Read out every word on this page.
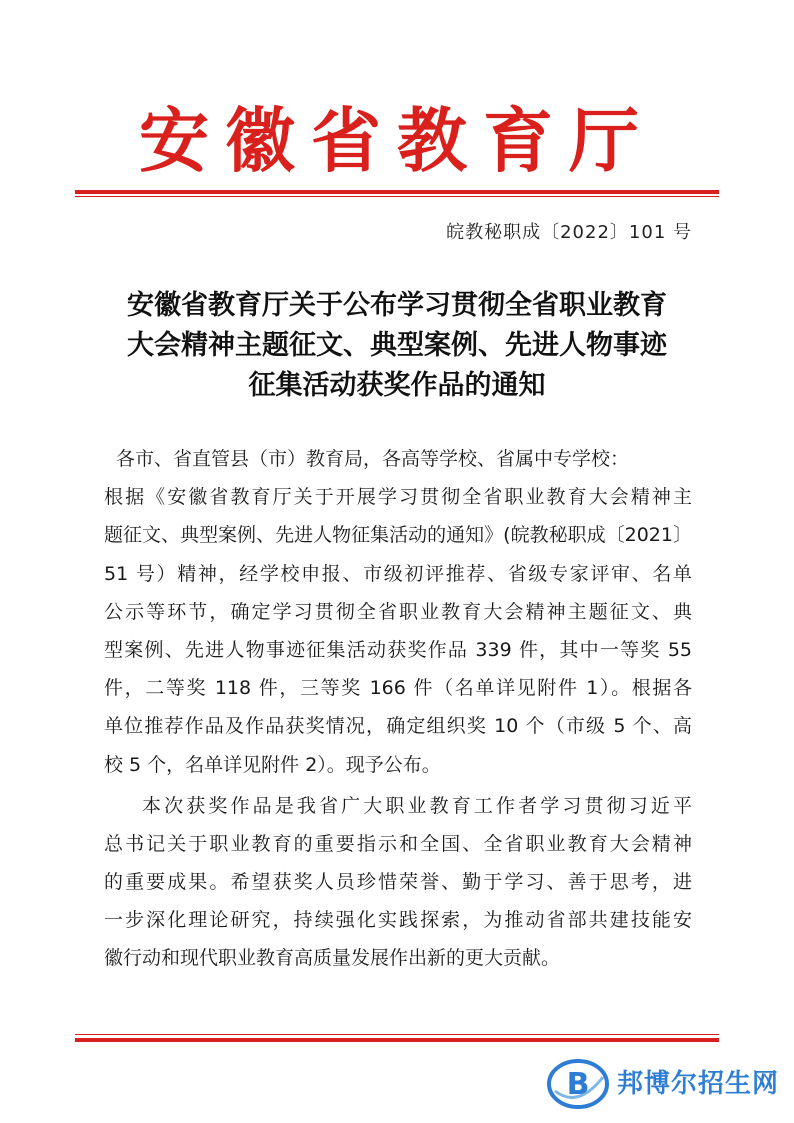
安徽省教育厅
皖教秘职成〔2022〕101 号
安徽省教育厅关于公布学习贯彻全省职业教育
大会精神主题征文、典型案例、先进人物事迹
征集活动获奖作品的通知
各市、省直管县（市）教育局，各高等学校、省属中专学校：
根据《安徽省教育厅关于开展学习贯彻全省职业教育大会精神主
题征文、典型案例、先进人物征集活动的通知》(皖教秘职成〔2021〕
51 号）精神，经学校申报、市级初评推荐、省级专家评审、名单
公示等环节，确定学习贯彻全省职业教育大会精神主题征文、典
型案例、先进人物事迹征集活动获奖作品 339 件，其中一等奖 55
件，二等奖 118 件，三等奖 166 件（名单详见附件 1）。根据各
单位推荐作品及作品获奖情况，确定组织奖 10 个（市级 5 个、高
校 5 个，名单详见附件 2）。现予公布。
本次获奖作品是我省广大职业教育工作者学习贯彻习近平
总书记关于职业教育的重要指示和全国、全省职业教育大会精神
的重要成果。希望获奖人员珍惜荣誉、勤于学习、善于思考，进
一步深化理论研究，持续强化实践探索，为推动省部共建技能安
徽行动和现代职业教育高质量发展作出新的更大贡献。
B 邦博尔招生网
